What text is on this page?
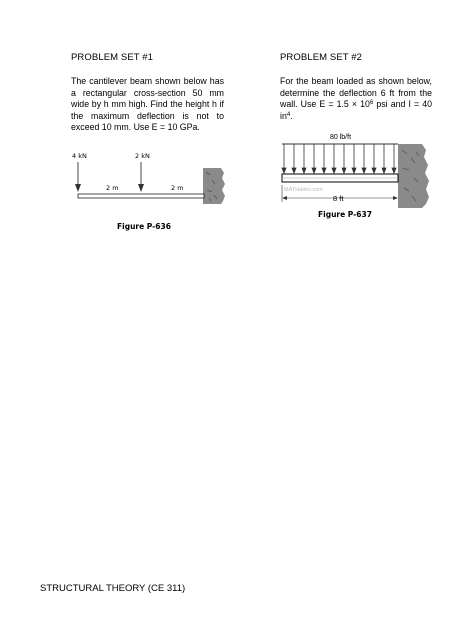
PROBLEM SET #1

The cantilever beam shown below has a rectangular cross-section 50 mm wide by h mm high. Find the height h if the maximum deflection is not to exceed 10 mm. Use E = 10 GPa.

4 kN	2 kN
2 m	2 m
Figure P-636

PROBLEM SET #2

For the beam loaded as shown below, determine the deflection 6 ft from the wall. Use $E = 1.5 \times 10^6$ psi and I = 40 $in^4$.

80 lb/ft
MATHalino.com
8 ft
Figure P-637
STRUCTURAL THEORY (CE 311)
